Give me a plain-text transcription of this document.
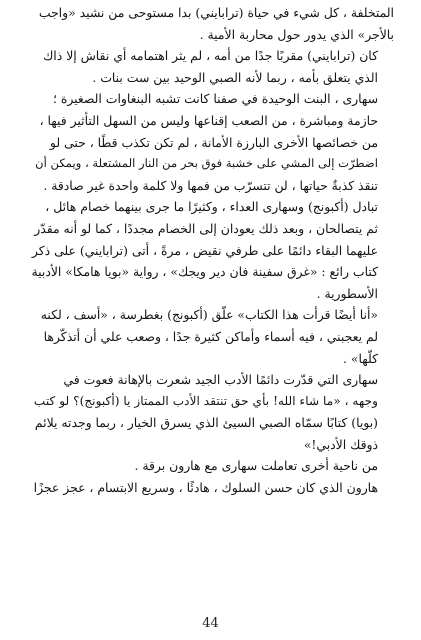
المتخلفة ، كل شيء في حياة (ترابايني) بدا مستوحى من نشيد «واجب
بالأجر» الذي يدور حول محاربة الأمية .

كان (ترابايني) مقربًا جدًا من أمه ، لم يثر اهتمامه أي نقاش إلا ذاك
الذي يتعلق بأمه ، ربما لأنه الصبي الوحيد بين ست بنات .

سهارى ، البنت الوحيدة في صفنا كانت تشبه البنغاوات الصغيرة ؛
حازمة ومباشرة ، من الصعب إقناعها وليس من السهل التأثير فيها ،
من خصائصها الأخرى البارزة الأمانة ، لم تكن تكذب قطًا ، حتى لو
اضطرّت إلى المشي على خشبة فوق بحر من النار المشتعلة ، ويمكن أن
تنقذ كذبةٌ حياتها ، لن تتسرّب من فمها ولا كلمة واحدة غير صادقة .

تبادل (أكبونج) وسهارى العداء ، وكثيرًا ما جرى بينهما خصام هائل ،
ثم يتصالحان ، وبعد ذلك يعودان إلى الخصام مجددًا ، كما لو أنه مقدّر
عليهما البقاء دائمًا على طرفي نقيض ، مرةً ، أتى (ترابايني) على ذكر
كتاب رائع : «غرق سفينة فان دير ويجك» ، رواية «بويا هامكا» الأدبية
الأسطورية .

«أنا أيضًا قرأت هذا الكتاب» علّق (أكبونج) بغطرسة ، «أسف ، لكنه
لم يعجبني ، فيه أسماء وأماكن كثيرة جدًا ، وصعب علي أن أتذكّرها
كلّها» .

سهارى التي قدّرت دائمًا الأدب الجيد شعرت بالإهانة فعوت في
وجهه ، «ما شاء الله! بأي حق تنتقد الأدب الممتاز يا (أكبونج)؟ لو كتب
(بويا) كتابًا سمّاه الصبي السيئ الذي يسرق الخيار ، ربما وجدته يلائم
ذوقك الأدبي!»

من ناحية أخرى تعاملت سهارى مع هارون برقة .

هارون الذي كان حسن السلوك ، هادئًا ، وسريع الابتسام ، عجز عجزًا

44
